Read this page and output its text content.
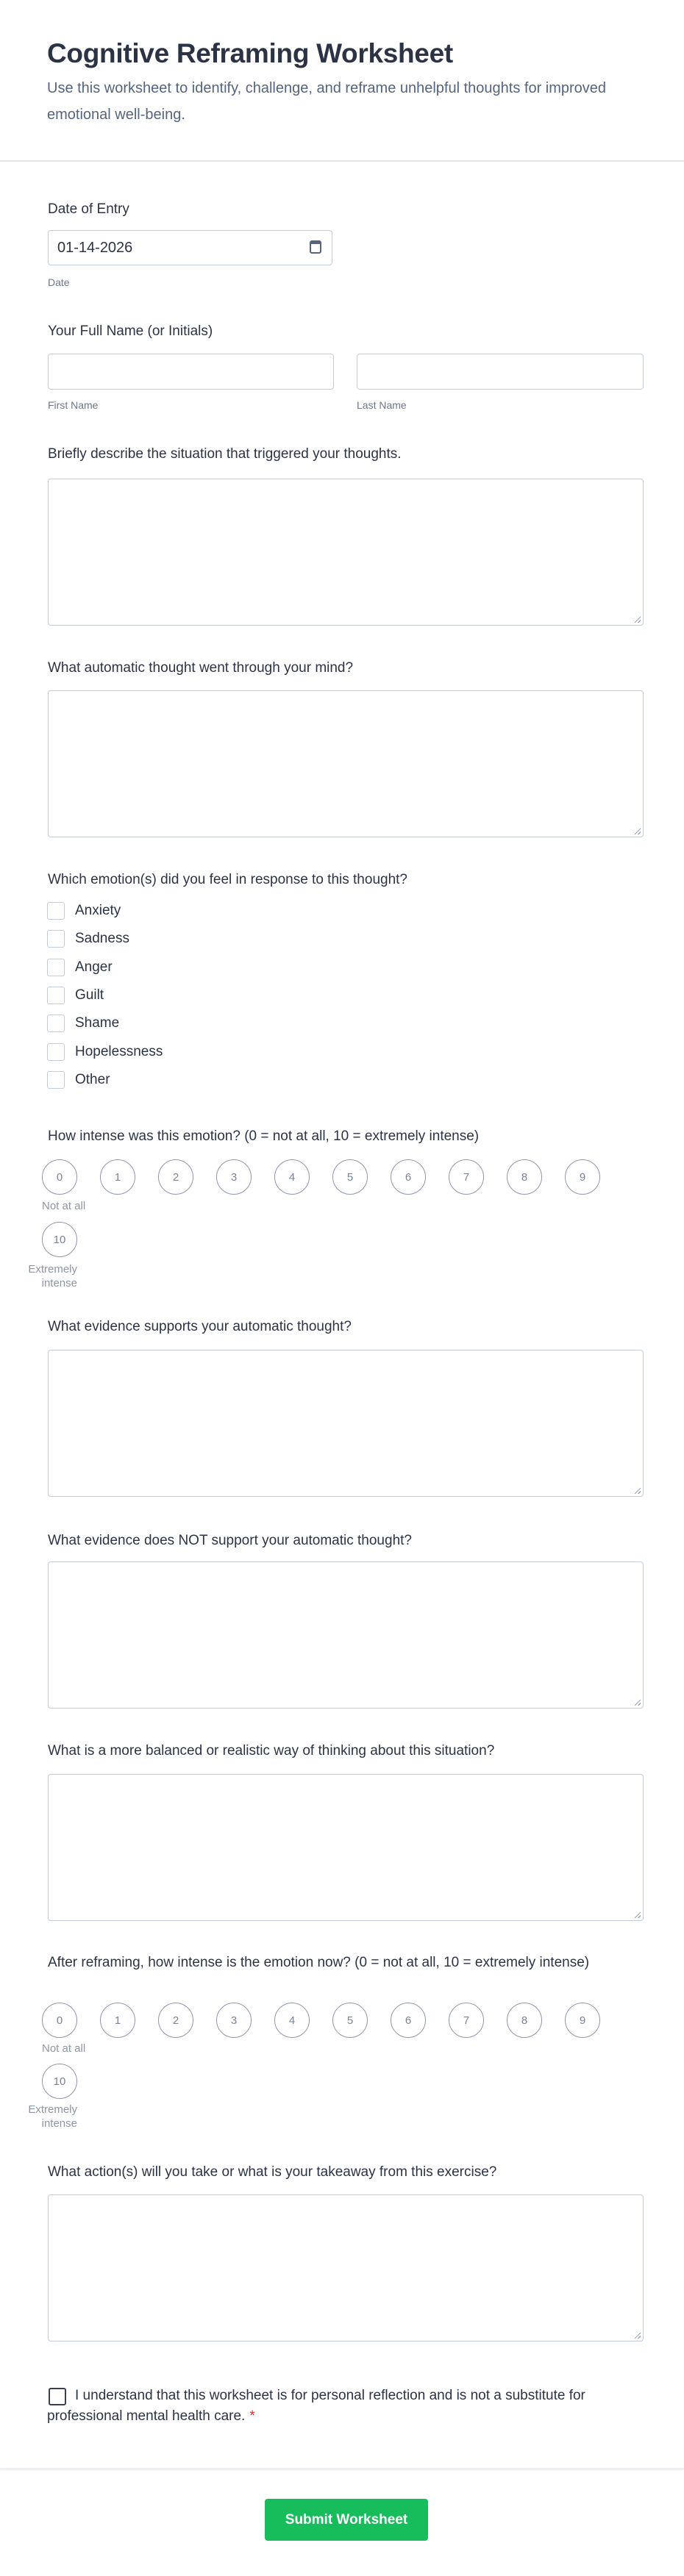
Cognitive Reframing Worksheet

Use this worksheet to identify, challenge, and reframe unhelpful thoughts for improved emotional well-being.

Date of Entry
01-14-2026
Date
Your Full Name (or Initials)
First Name	Last Name
Briefly describe the situation that triggered your thoughts.
What automatic thought went through your mind?
Which emotion(s) did you feel in response to this thought?
Anxiety
Sadness
Anger
Guilt
Shame
Hopelessness
Other
How intense was this emotion? (0 = not at all, 10 = extremely intense)
0	1	2	3	4	5	6	7	8	9
Not at all
10
Extremely
intense
What evidence supports your automatic thought?
What evidence does NOT support your automatic thought?
What is a more balanced or realistic way of thinking about this situation?
After reframing, how intense is the emotion now? (0 = not at all, 10 = extremely intense)
0	1	2	3	4	5	6	7	8	9
Not at all
10
Extremely
intense
What action(s) will you take or what is your takeaway from this exercise?

I understand that this worksheet is for personal reflection and is not a substitute for professional mental health care. *

Submit Worksheet
